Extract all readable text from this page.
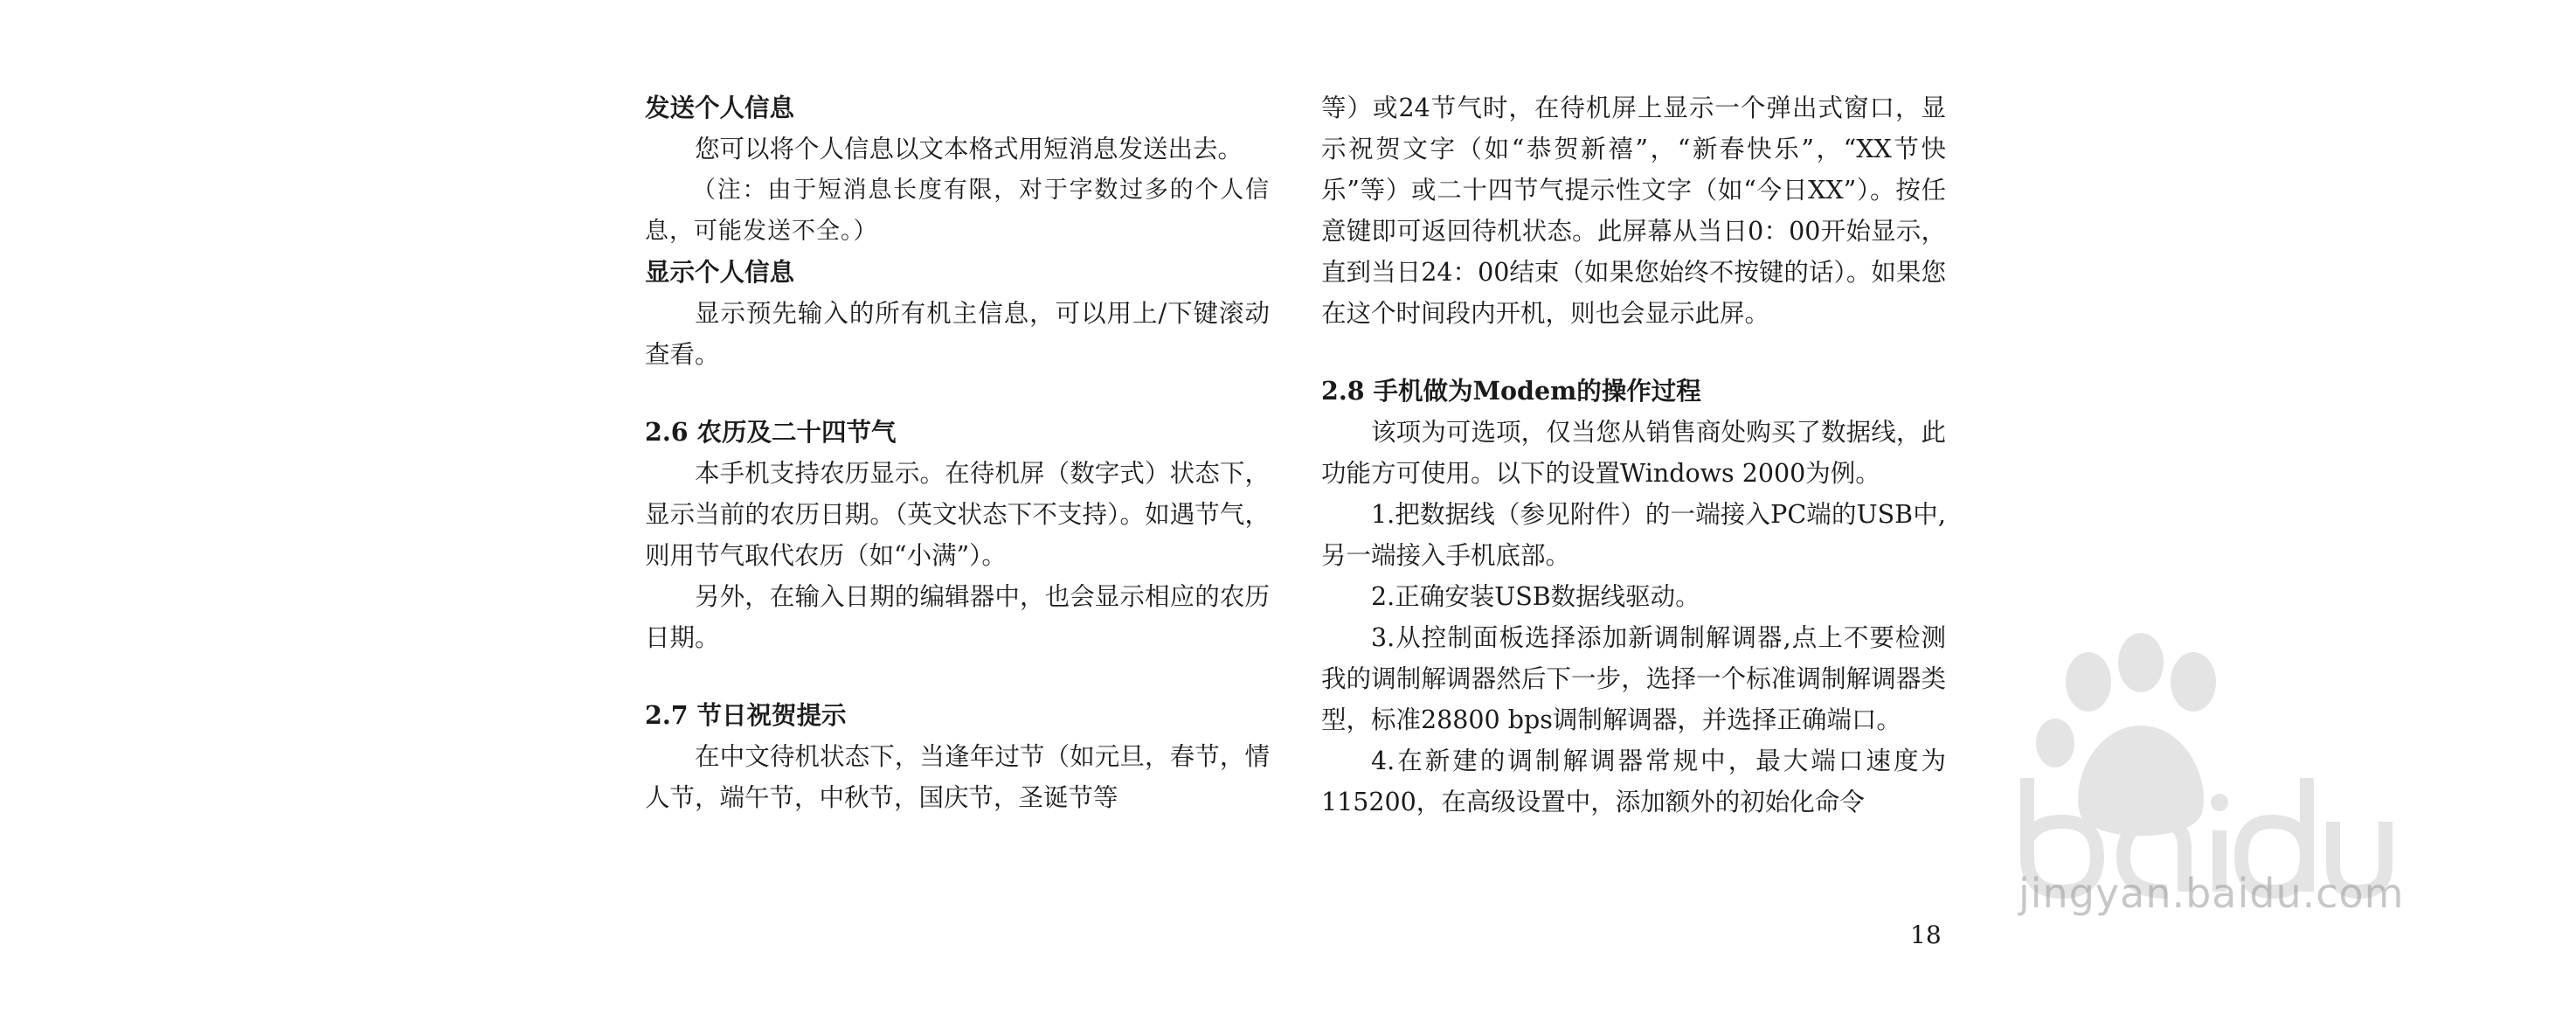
发送个人信息

您可以将个人信息以文本格式用短消息发送出去。

（注：由于短消息长度有限，对于字数过多的个人信息，可能发送不全。）

显示个人信息

显示预先输入的所有机主信息，可以用上/下键滚动查看。

2.6 农历及二十四节气

本手机支持农历显示。在待机屏（数字式）状态下，显示当前的农历日期。（英文状态下不支持）。如遇节气，则用节气取代农历（如“小满”）。

另外，在输入日期的编辑器中，也会显示相应的农历日期。

2.7 节日祝贺提示

在中文待机状态下，当逢年过节（如元旦，春节，情人节，端午节，中秋节，国庆节，圣诞节等

等）或24节气时，在待机屏上显示一个弹出式窗口，显示祝贺文字（如“恭贺新禧”，“新春快乐”，“XX节快乐”等）或二十四节气提示性文字（如“今日XX”）。按任意键即可返回待机状态。此屏幕从当日0：00开始显示，直到当日24：00结束（如果您始终不按键的话）。如果您在这个时间段内开机，则也会显示此屏。

2.8 手机做为Modem的操作过程

该项为可选项，仅当您从销售商处购买了数据线，此功能方可使用。以下的设置Windows 2000为例。

1.把数据线（参见附件）的一端接入PC端的USB中,另一端接入手机底部。

2.正确安装USB数据线驱动。

3.从控制面板选择添加新调制解调器,点上不要检测我的调制解调器然后下一步，选择一个标准调制解调器类型，标准28800 bps调制解调器，并选择正确端口。

4.在新建的调制解调器常规中，最大端口速度为115200，在高级设置中，添加额外的初始化命令

18
jingyan.baidu.com
